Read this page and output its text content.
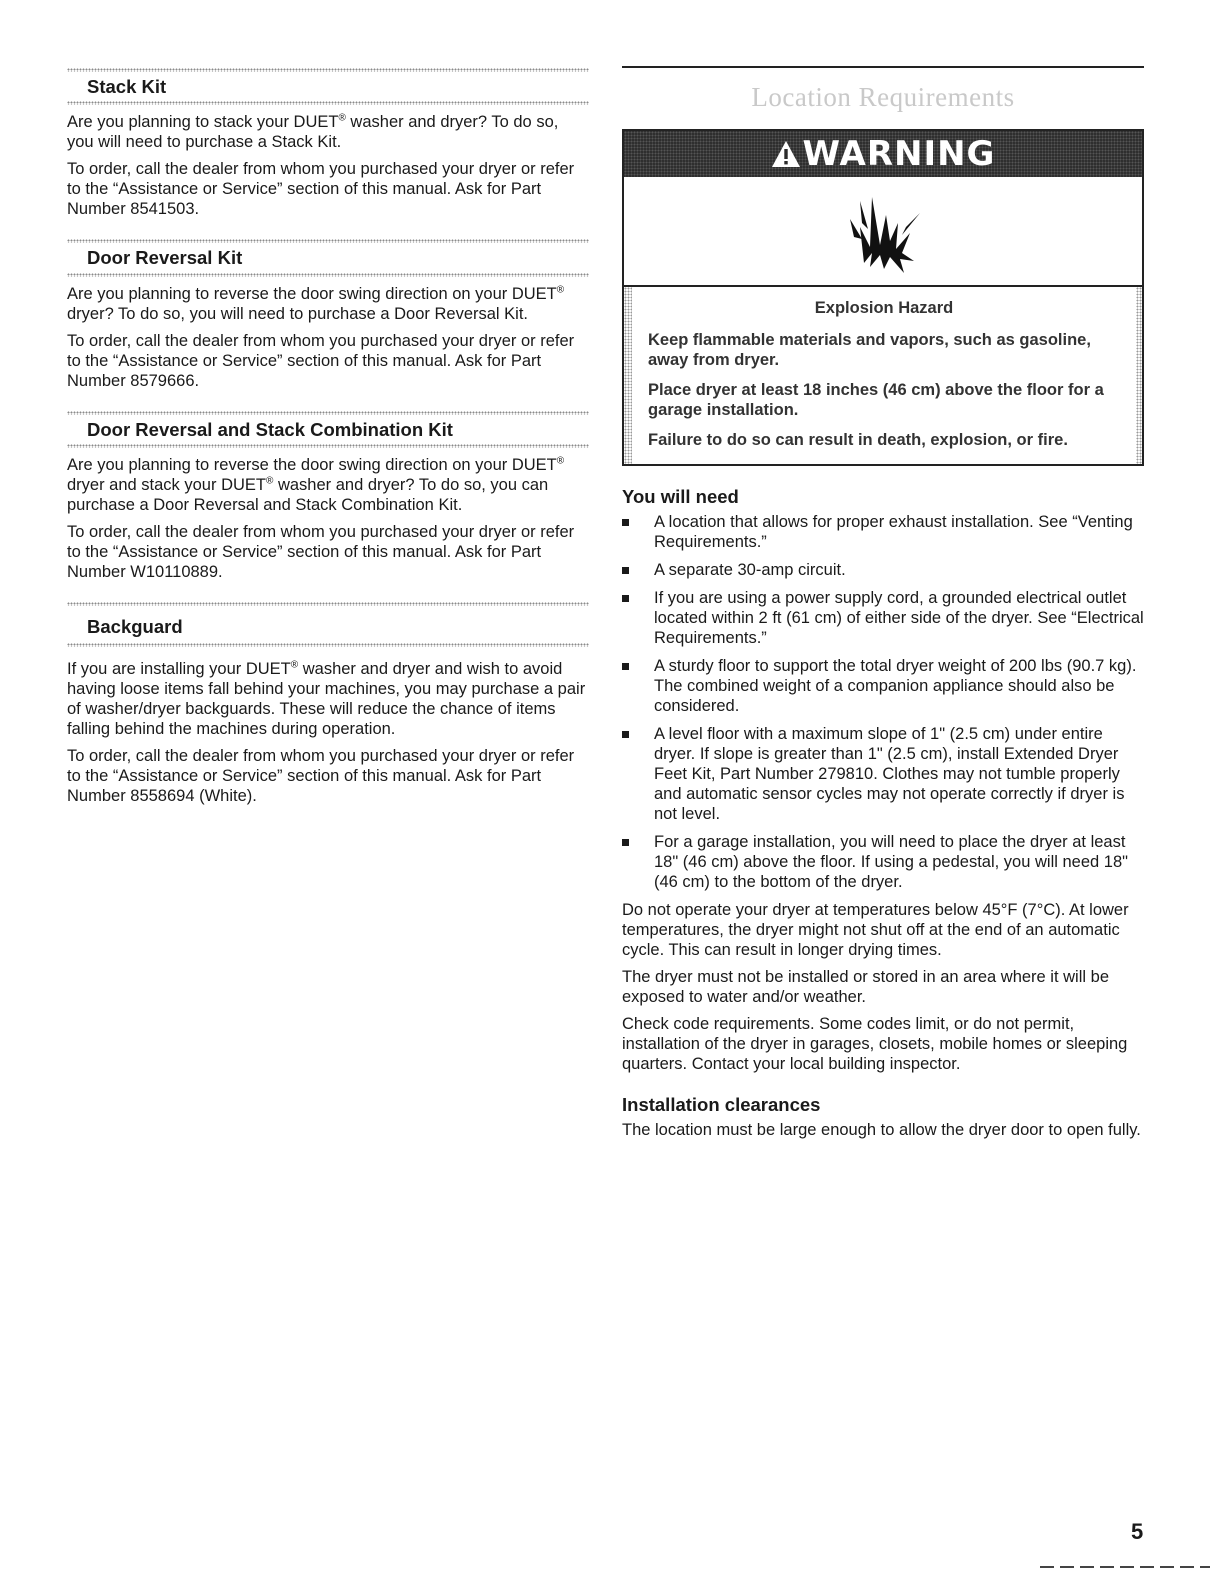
Stack Kit

Are you planning to stack your DUET® washer and dryer? To do so, you will need to purchase a Stack Kit.

To order, call the dealer from whom you purchased your dryer or refer to the “Assistance or Service” section of this manual. Ask for Part Number 8541503.

Door Reversal Kit

Are you planning to reverse the door swing direction on your DUET® dryer? To do so, you will need to purchase a Door Reversal Kit.

To order, call the dealer from whom you purchased your dryer or refer to the “Assistance or Service” section of this manual. Ask for Part Number 8579666.

Door Reversal and Stack Combination Kit

Are you planning to reverse the door swing direction on your DUET® dryer and stack your DUET® washer and dryer? To do so, you can purchase a Door Reversal and Stack Combination Kit.

To order, call the dealer from whom you purchased your dryer or refer to the “Assistance or Service” section of this manual. Ask for Part Number W10110889.

Backguard

If you are installing your DUET® washer and dryer and wish to avoid having loose items fall behind your machines, you may purchase a pair of washer/dryer backguards. These will reduce the chance of items falling behind the machines during operation.

To order, call the dealer from whom you purchased your dryer or refer to the “Assistance or Service” section of this manual. Ask for Part Number 8558694 (White).

Location Requirements
WARNING
Explosion Hazard
Keep flammable materials and vapors, such as gasoline, away from dryer.
Place dryer at least 18 inches (46 cm) above the floor for a garage installation.
Failure to do so can result in death, explosion, or fire.
You will need
A location that allows for proper exhaust installation. See “Venting Requirements.”
A separate 30-amp circuit.
If you are using a power supply cord, a grounded electrical outlet located within 2 ft (61 cm) of either side of the dryer. See “Electrical Requirements.”
A sturdy floor to support the total dryer weight of 200 lbs (90.7 kg). The combined weight of a companion appliance should also be considered.
A level floor with a maximum slope of 1" (2.5 cm) under entire dryer. If slope is greater than 1" (2.5 cm), install Extended Dryer Feet Kit, Part Number 279810. Clothes may not tumble properly and automatic sensor cycles may not operate correctly if dryer is not level.
For a garage installation, you will need to place the dryer at least 18" (46 cm) above the floor. If using a pedestal, you will need 18" (46 cm) to the bottom of the dryer.

Do not operate your dryer at temperatures below 45°F (7°C). At lower temperatures, the dryer might not shut off at the end of an automatic cycle. This can result in longer drying times.

The dryer must not be installed or stored in an area where it will be exposed to water and/or weather.

Check code requirements. Some codes limit, or do not permit, installation of the dryer in garages, closets, mobile homes or sleeping quarters. Contact your local building inspector.

Installation clearances

The location must be large enough to allow the dryer door to open fully.

5
